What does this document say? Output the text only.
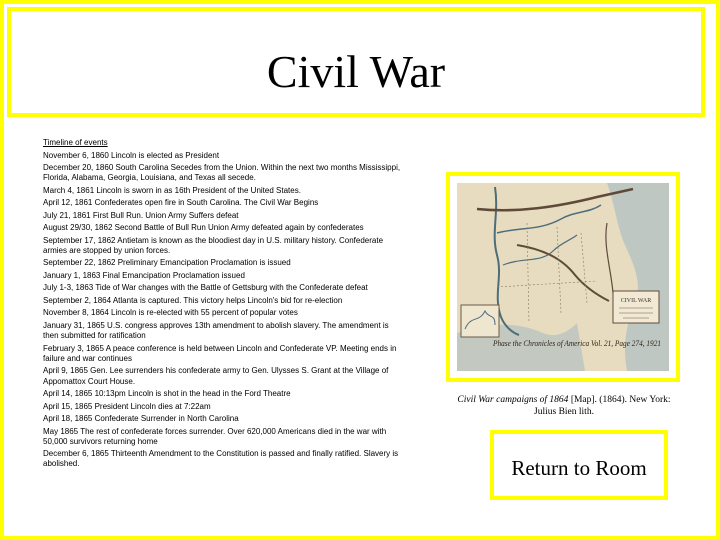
Civil War
Timeline of events
November 6, 1860 Lincoln is elected as President
December 20, 1860 South Carolina Secedes from the Union. Within the next two months Mississippi, Florida, Alabama, Georgia, Louisiana, and Texas all secede.
March 4, 1861 Lincoln is sworn in as 16th President of the United States.
April 12, 1861 Confederates open fire in South Carolina. The Civil War Begins
July 21, 1861 First Bull Run. Union Army Suffers defeat
August 29/30, 1862 Second Battle of Bull Run Union Army defeated again by confederates
September 17, 1862 Antietam is known as the bloodiest day in U.S. military history. Confederate armies are stopped by union forces.
September 22, 1862 Preliminary Emancipation Proclamation is issued
January 1, 1863 Final Emancipation Proclamation issued
July 1-3, 1863 Tide of War changes with the Battle of Gettsburg with the Confederate defeat
September 2, 1864 Atlanta is captured. This victory helps Lincoln's bid for re-election
November 8, 1864 Lincoln is re-elected with 55 percent of popular votes
January 31, 1865 U.S. congress approves 13th amendment to abolish slavery. The amendment is then submitted for ratification
February 3, 1865 A peace conference is held between Lincoln and Confederate VP. Meeting ends in failure and war continues
April 9, 1865 Gen. Lee surrenders his confederate army to Gen. Ulysses S. Grant at the Village of Appomattox Court House.
April 14, 1865 10:13pm Lincoln is shot in the head in the Ford Theatre
April 15, 1865 President Lincoln dies at 7:22am
April 18, 1865 Confederate Surrender in North Carolina
May 1865 The rest of confederate forces surrender. Over 620,000 Americans died in the war with 50,000 survivors returning home
December 6, 1865 Thirteenth Amendment to the Constitution is passed and finally ratified. Slavery is abolished.
CIVIL WAR
Phase the Chronicles of America Vol. 21, Page 274, 1921
Civil War campaigns of 1864 [Map]. (1864). New York: Julius Bien lith.
Return to Room
